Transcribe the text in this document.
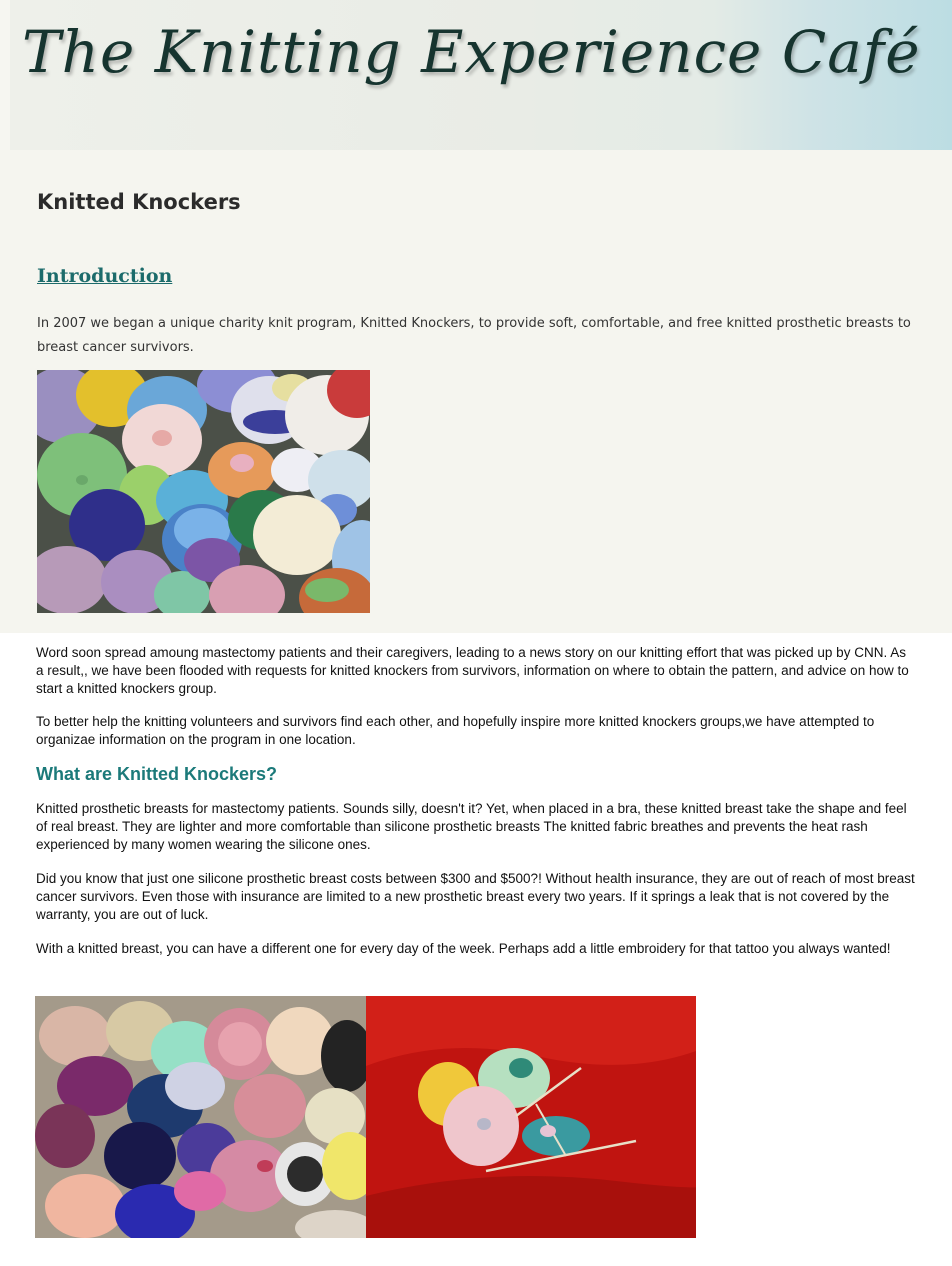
The Knitting Experience Café
Knitted Knockers
Introduction
In 2007 we began a unique charity knit program, Knitted Knockers, to provide soft, comfortable, and free knitted prosthetic breasts to breast cancer survivors.
Word soon spread amoung mastectomy patients and their caregivers, leading to a news story on our knitting effort that was picked up by CNN. As a result,, we have been flooded with requests for knitted knockers from survivors, information on where to obtain the pattern, and advice on how to start a knitted knockers group.
To better help the knitting volunteers and survivors find each other, and hopefully inspire more knitted knockers groups,we have attempted to organizae information on the program in one location.
What are Knitted Knockers?
Knitted prosthetic breasts for mastectomy patients. Sounds silly, doesn't it? Yet, when placed in a bra, these knitted breast take the shape and feel of real breast. They are lighter and more comfortable than silicone prosthetic breasts The knitted fabric breathes and prevents the heat rash experienced by many women wearing the silicone ones.
Did you know that just one silicone prosthetic breast costs between $300 and $500?! Without health insurance, they are out of reach of most breast cancer survivors. Even those with insurance are limited to a new prosthetic breast every two years. If it springs a leak that is not covered by the warranty, you are out of luck.
With a knitted breast, you can have a different one for every day of the week. Perhaps add a little embroidery for that tattoo you always wanted!
